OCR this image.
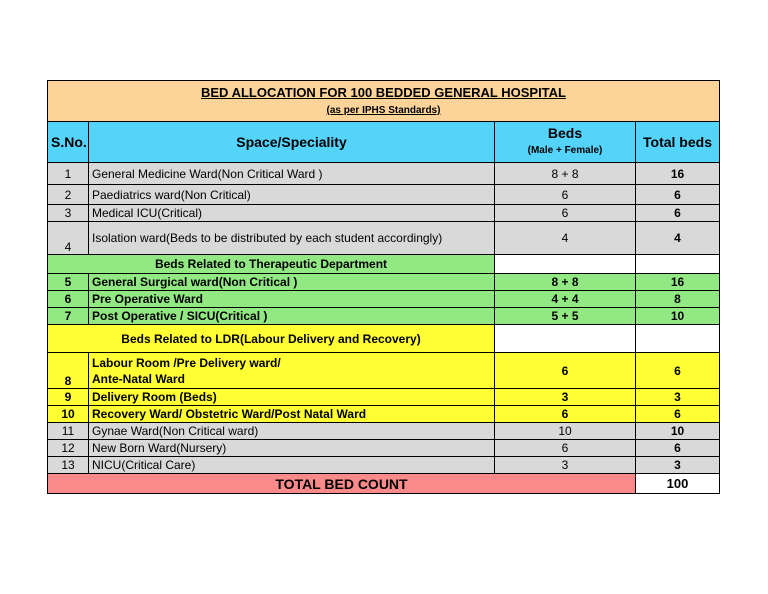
BED ALLOCATION FOR 100 BEDDED GENERAL HOSPITAL
(as per IPHS Standards)			

S.No.	Space/Speciality	Beds
(Male + Female)	Total beds
1	General Medicine Ward(Non Critical Ward )	8 + 8	16
2	Paediatrics ward(Non Critical)	6	6
3	Medical ICU(Critical)	6	6
4	Isolation ward(Beds to be distributed by each student accordingly)	4	4
Beds Related to Therapeutic Department			
5	General Surgical ward(Non Critical )	8 + 8	16
6	Pre Operative Ward	4 + 4	8
7	Post Operative / SICU(Critical )	5 + 5	10
Beds Related to LDR(Labour Delivery and Recovery)			
8	Labour Room /Pre Delivery ward/
Ante-Natal Ward	6	6
9	Delivery Room (Beds)	3	3
10	Recovery Ward/ Obstetric Ward/Post Natal Ward	6	6
11	Gynae Ward(Non Critical ward)	10	10
12	New Born Ward(Nursery)	6	6
13	NICU(Critical Care)	3	3
TOTAL BED COUNT			100
